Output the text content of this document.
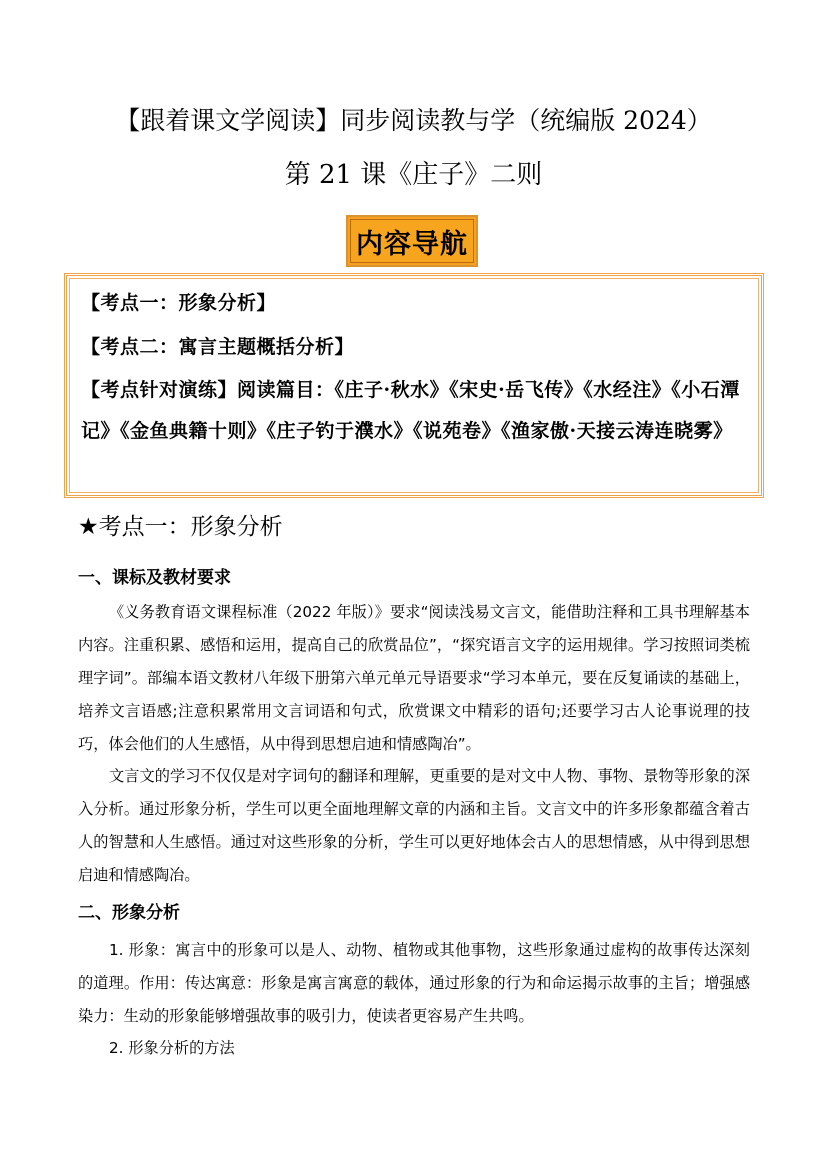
【跟着课文学阅读】同步阅读教与学（统编版 2024）
第 21 课《庄子》二则
内容导航
【考点一：形象分析】
【考点二：寓言主题概括分析】
【考点针对演练】阅读篇目：《庄子·秋水》《宋史·岳飞传》《水经注》《小石潭记》《金鱼典籍十则》《庄子钓于濮水》《说苑卷》《渔家傲·天接云涛连晓雾》
★考点一：形象分析
一、课标及教材要求
《义务教育语文课程标准（2022 年版）》要求“阅读浅易文言文，能借助注释和工具书理解基本内容。注重积累、感悟和运用，提高自己的欣赏品位”，“探究语言文字的运用规律。学习按照词类梳理字词”。部编本语文教材八年级下册第六单元单元导语要求“学习本单元，要在反复诵读的基础上，培养文言语感;注意积累常用文言词语和句式，欣赏课文中精彩的语句;还要学习古人论事说理的技巧，体会他们的人生感悟，从中得到思想启迪和情感陶冶”。
文言文的学习不仅仅是对字词句的翻译和理解，更重要的是对文中人物、事物、景物等形象的深入分析。通过形象分析，学生可以更全面地理解文章的内涵和主旨。文言文中的许多形象都蕴含着古人的智慧和人生感悟。通过对这些形象的分析，学生可以更好地体会古人的思想情感，从中得到思想启迪和情感陶冶。
二、形象分析
1. 形象：寓言中的形象可以是人、动物、植物或其他事物，这些形象通过虚构的故事传达深刻的道理。作用：传达寓意：形象是寓言寓意的载体，通过形象的行为和命运揭示故事的主旨；增强感染力：生动的形象能够增强故事的吸引力，使读者更容易产生共鸣。
2. 形象分析的方法
